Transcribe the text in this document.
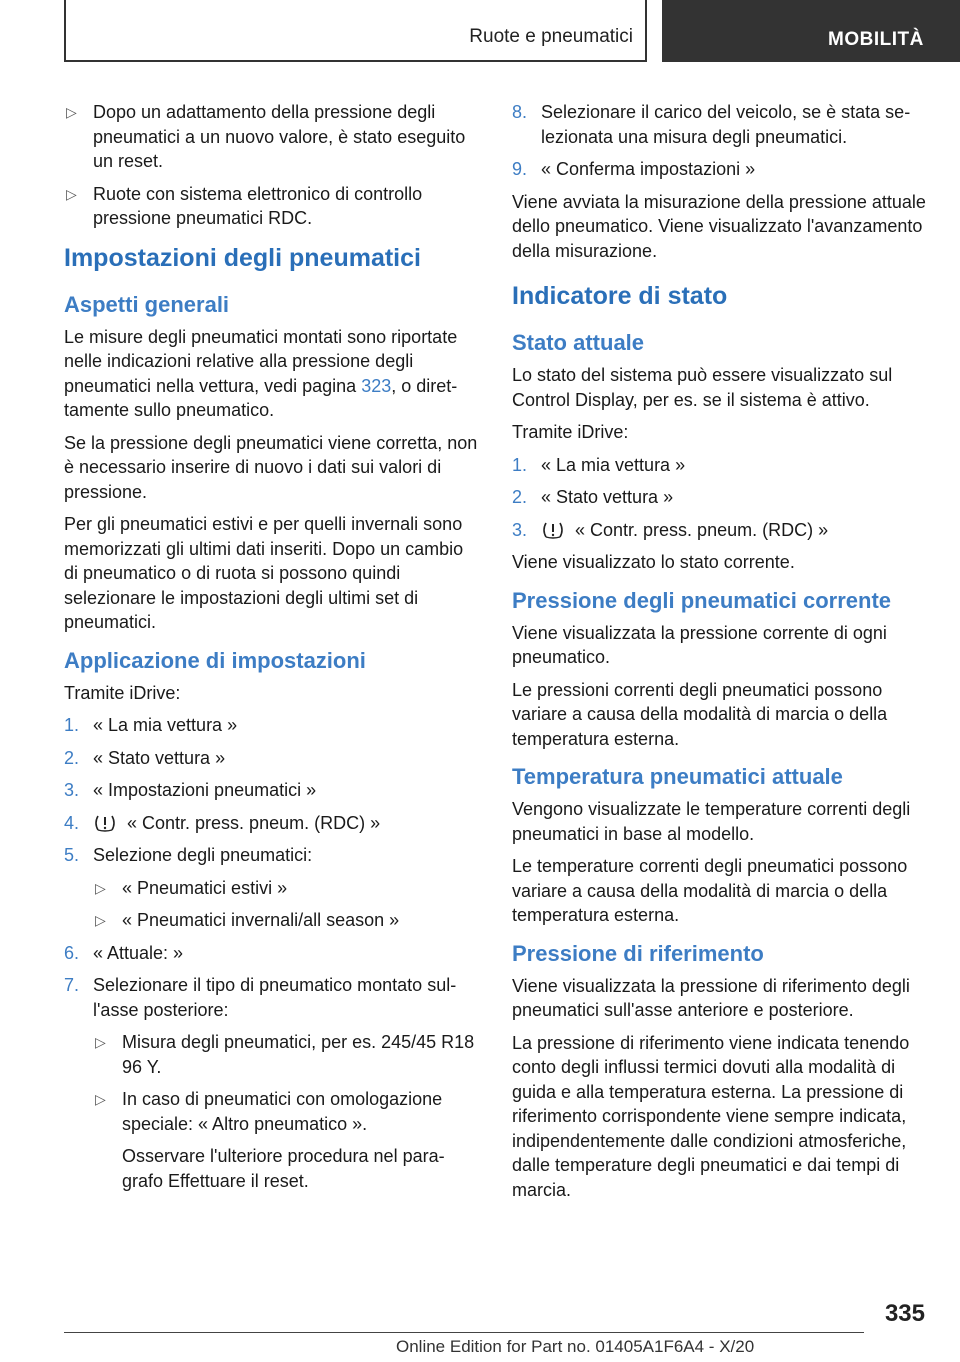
Ruote e pneumatici	MOBILITÀ
▷ Dopo un adattamento della pressione degli pneumatici a un nuovo valore, è stato eseguito un reset.
▷ Ruote con sistema elettronico di controllo pressione pneumatici RDC.
Impostazioni degli pneumatici
Aspetti generali

Le misure degli pneumatici montati sono riportate nelle indicazioni relative alla pressione degli pneumatici nella vettura, vedi pagina 323, o direttamente sullo pneumatico.

Se la pressione degli pneumatici viene corretta, non è necessario inserire di nuovo i dati sui valori di pressione.

Per gli pneumatici estivi e per quelli invernali sono memorizzati gli ultimi dati inseriti. Dopo un cambio di pneumatico o di ruota si possono quindi selezionare le impostazioni degli ultimi set di pneumatici.

Applicazione di impostazioni

Tramite iDrive:

1. « La mia vettura »
2. « Stato vettura »
3. « Impostazioni pneumatici »
4.	« Contr. press. pneum. (RDC) »
5. Selezione degli pneumatici:
▷ « Pneumatici estivi »
▷ « Pneumatici invernali/all season »
6. « Attuale: »
7. Selezionare il tipo di pneumatico montato sull'asse posteriore:
▷ Misura degli pneumatici, per es. 245/45 R18 96 Y.
▷ In caso di pneumatici con omologazione speciale: « Altro pneumatico ».

Osservare l'ulteriore procedura nel paragrafo Effettuare il reset.

8. Selezionare il carico del veicolo, se è stata selezionata una misura degli pneumatici.
9. « Conferma impostazioni »

Viene avviata la misurazione della pressione attuale dello pneumatico. Viene visualizzato l'avanzamento della misurazione.

Indicatore di stato
Stato attuale

Lo stato del sistema può essere visualizzato sul Control Display, per es. se il sistema è attivo.

Tramite iDrive:

1. « La mia vettura »
2. « Stato vettura »
3.	« Contr. press. pneum. (RDC) »

Viene visualizzato lo stato corrente.

Pressione degli pneumatici corrente

Viene visualizzata la pressione corrente di ogni pneumatico.

Le pressioni correnti degli pneumatici possono variare a causa della modalità di marcia o della temperatura esterna.

Temperatura pneumatici attuale

Vengono visualizzate le temperature correnti degli pneumatici in base al modello.

Le temperature correnti degli pneumatici possono variare a causa della modalità di marcia o della temperatura esterna.

Pressione di riferimento

Viene visualizzata la pressione di riferimento degli pneumatici sull'asse anteriore e posteriore.

La pressione di riferimento viene indicata tenendo conto degli influssi termici dovuti alla modalità di guida e alla temperatura esterna. La pressione di riferimento corrispondente viene sempre indicata, indipendentemente dalle condizioni atmosferiche, dalle temperature degli pneumatici e dai tempi di marcia.

335
Online Edition for Part no. 01405A1F6A4 - X/20
